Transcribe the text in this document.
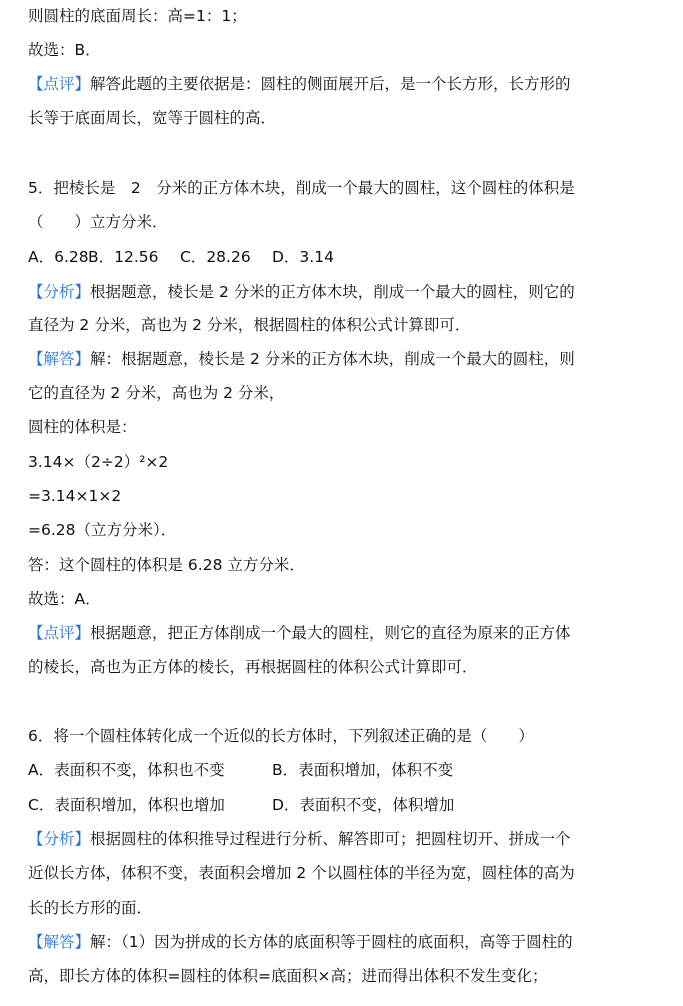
则圆柱的底面周长：高=1：1；
故选：B．
【点评】解答此题的主要依据是：圆柱的侧面展开后，是一个长方形，长方形的
长等于底面周长，宽等于圆柱的高．
5．把棱长是　2　分米的正方体木块，削成一个最大的圆柱，这个圆柱的体积是
（　　）立方分米．
A．6.28B．12.56 C．28.26 D．3.14
【分析】根据题意，棱长是 2 分米的正方体木块，削成一个最大的圆柱，则它的
直径为 2 分米，高也为 2 分米，根据圆柱的体积公式计算即可．
【解答】解：根据题意，棱长是 2 分米的正方体木块，削成一个最大的圆柱，则
它的直径为 2 分米，高也为 2 分米，
圆柱的体积是：
3.14×（2÷2）²×2
=3.14×1×2
=6.28（立方分米）．
答：这个圆柱的体积是 6.28 立方分米．
故选：A．
【点评】根据题意，把正方体削成一个最大的圆柱，则它的直径为原来的正方体
的棱长，高也为正方体的棱长，再根据圆柱的体积公式计算即可．
6．将一个圆柱体转化成一个近似的长方体时，下列叙述正确的是（　　）
A．表面积不变，体积也不变	B．表面积增加，体积不变
C．表面积增加，体积也增加	D．表面积不变，体积增加
【分析】根据圆柱的体积推导过程进行分析、解答即可；把圆柱切开、拼成一个
近似长方体，体积不变，表面积会增加 2 个以圆柱体的半径为宽，圆柱体的高为
长的长方形的面．
【解答】解：（1）因为拼成的长方体的底面积等于圆柱的底面积，高等于圆柱的
高，即长方体的体积=圆柱的体积=底面积×高；进而得出体积不发生变化；
